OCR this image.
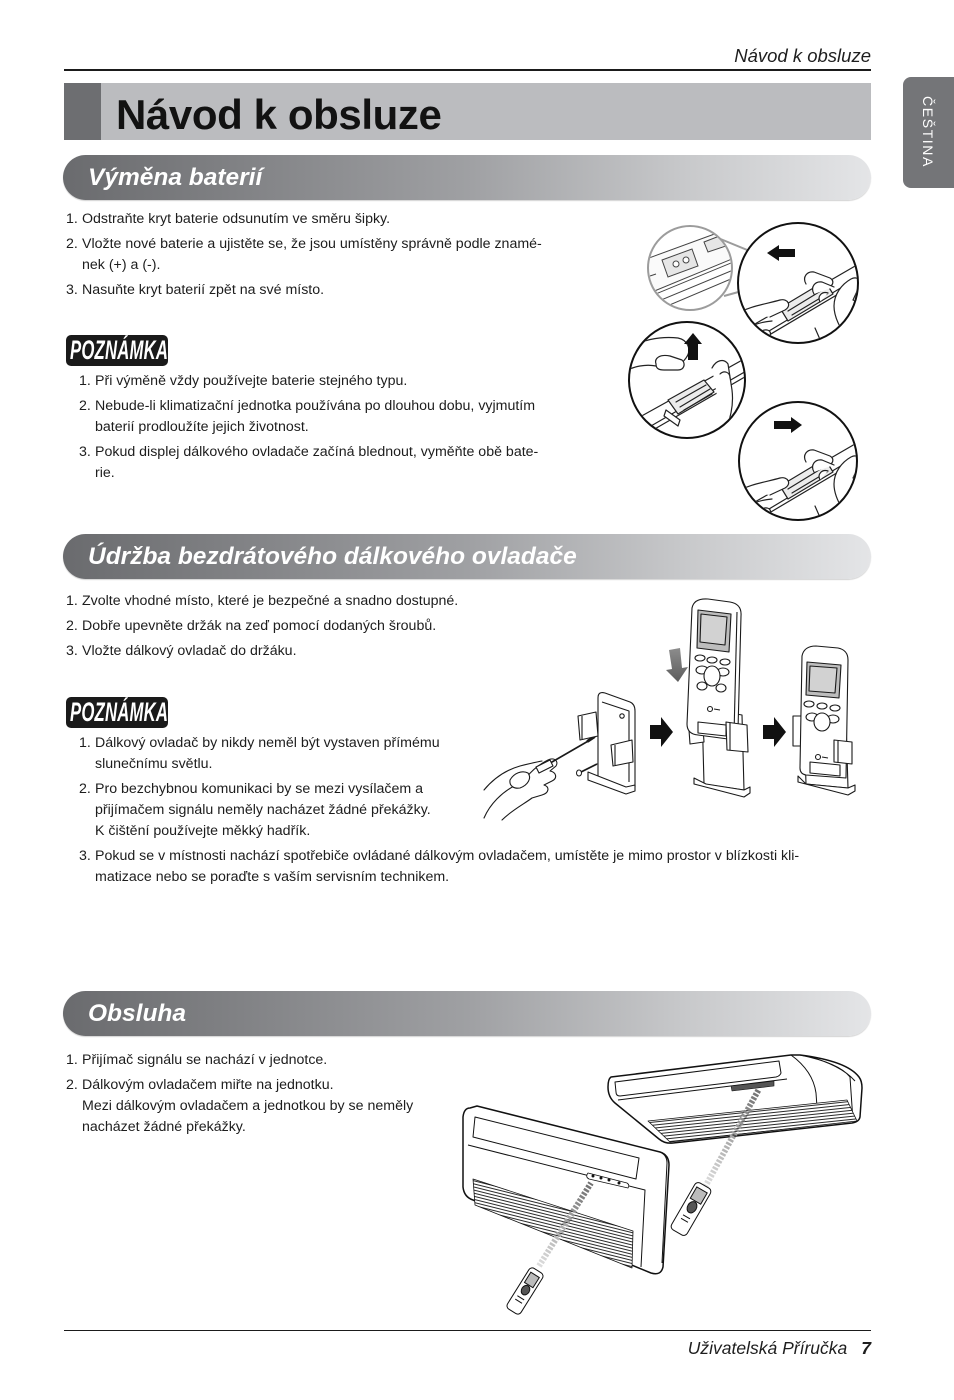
Návod k obsluze
Návod k obsluze	ČEŠTINA
Výměna baterií
1. Odstraňte kryt baterie odsunutím ve směru šipky.
2. Vložte nové baterie a ujistěte se, že jsou umístěny správně podle znamé-
nek (+) a (-).
3. Nasuňte kryt baterií zpět na své místo.
POZNÁMKA
1. Při výměně vždy používejte baterie stejného typu.
2. Nebude-li klimatizační jednotka používána po dlouhou dobu, vyjmutím
baterií prodloužíte jejich životnost.
3. Pokud displej dálkového ovladače začíná blednout, vyměňte obě bate-
rie.
Údržba bezdrátového dálkového ovladače
1. Zvolte vhodné místo, které je bezpečné a snadno dostupné.
2. Dobře upevněte držák na zeď pomocí dodaných šroubů.
3. Vložte dálkový ovladač do držáku.
POZNÁMKA
1. Dálkový ovladač by nikdy neměl být vystaven přímému
slunečnímu světlu.
2. Pro bezchybnou komunikaci by se mezi vysílačem a
přijímačem signálu neměly nacházet žádné překážky.
K čištění používejte měkký hadřík.
3. Pokud se v místnosti nachází spotřebiče ovládané dálkovým ovladačem, umístěte je mimo prostor v blízkosti kli-
matizace nebo se poraďte s vaším servisním technikem.
Obsluha
1. Přijímač signálu se nachází v jednotce.
2. Dálkovým ovladačem miřte na jednotku.
Mezi dálkovým ovladačem a jednotkou by se neměly
nacházet žádné překážky.
Uživatelská Příručka 7
